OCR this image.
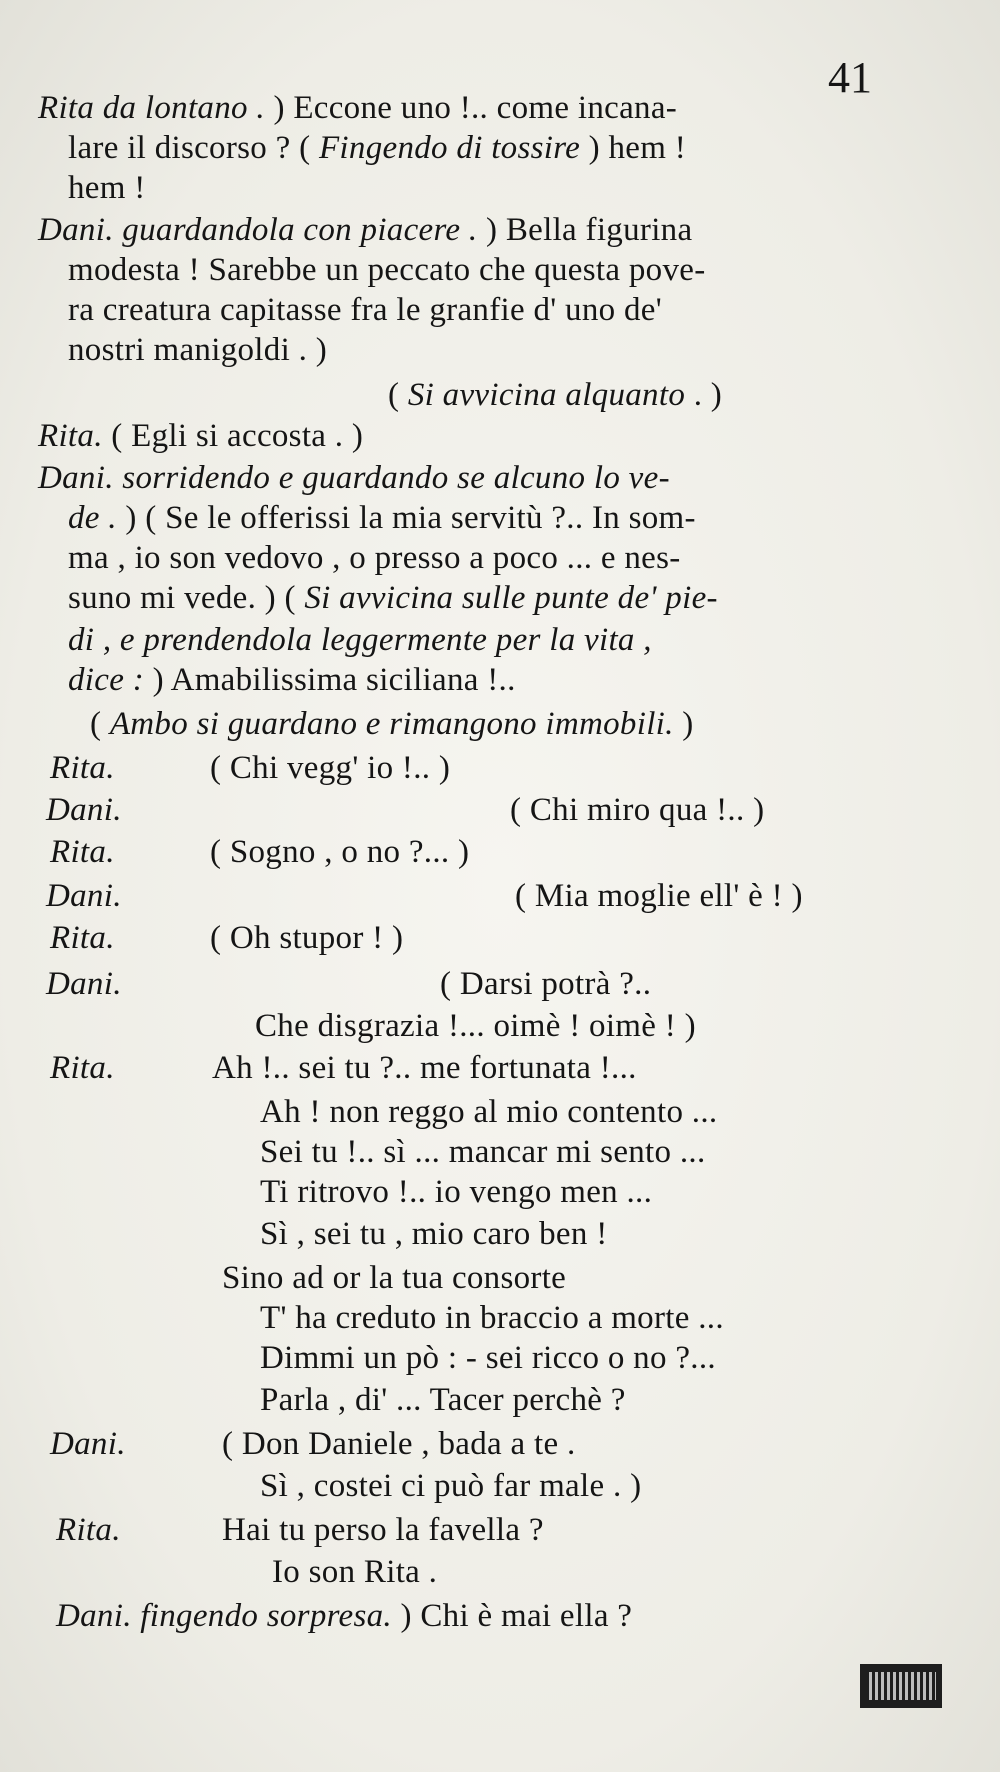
41
Rita da lontano . ) Eccone uno !.. come incana-
lare il discorso ? ( Fingendo di tossire ) hem !
hem !
Dani. guardandola con piacere . ) Bella figurina
modesta ! Sarebbe un peccato che questa pove-
ra creatura capitasse fra le granfie d' uno de'
nostri manigoldi . )
( Si avvicina alquanto . )
Rita. ( Egli si accosta . )
Dani. sorridendo e guardando se alcuno lo ve-
de . ) ( Se le offerissi la mia servitù ?.. In som-
ma , io son vedovo , o presso a poco ... e nes-
suno mi vede. ) ( Si avvicina sulle punte de' pie-
di , e prendendola leggermente per la vita ,
dice : ) Amabilissima siciliana !..
( Ambo si guardano e rimangono immobili. )
Rita.	( Chi vegg' io !.. )
Dani.	( Chi miro qua !.. )
Rita.	( Sogno , o no ?... )
Dani.	( Mia moglie ell' è ! )
Rita.	( Oh stupor ! )
Dani.	( Darsi potrà ?..
Che disgrazia !... oimè ! oimè ! )
Rita.	Ah !.. sei tu ?.. me fortunata !...
Ah ! non reggo al mio contento ...
Sei tu !.. sì ... mancar mi sento ...
Ti ritrovo !.. io vengo men ...
Sì , sei tu , mio caro ben !
Sino ad or la tua consorte
T' ha creduto in braccio a morte ...
Dimmi un pò : - sei ricco o no ?...
Parla , di' ... Tacer perchè ?
Dani.	( Don Daniele , bada a te .
Sì , costei ci può far male . )
Rita.	Hai tu perso la favella ?
Io son Rita .
Dani. fingendo sorpresa. ) Chi è mai ella ?
